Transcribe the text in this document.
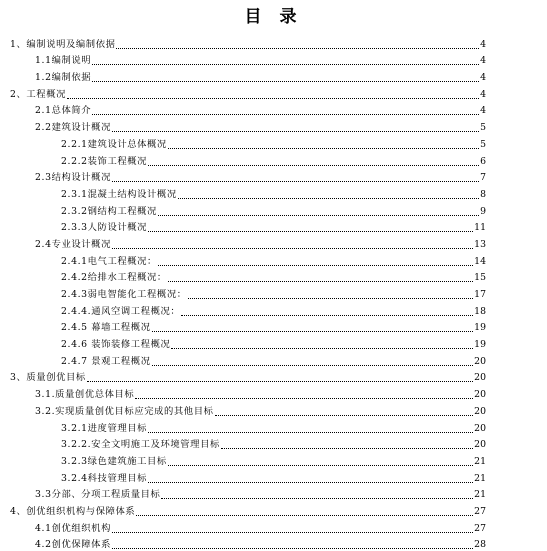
目 录
1、编制说明及编制依据	4
1.1编制说明	4
1.2编制依据	4
2、工程概况	4
2.1总体简介	4
2.2建筑设计概况	5
2.2.1建筑设计总体概况	5
2.2.2装饰工程概况	6
2.3结构设计概况	7
2.3.1混凝土结构设计概况	8
2.3.2钢结构工程概况	9
2.3.3人防设计概况	11
2.4专业设计概况	13
2.4.1电气工程概况：	14
2.4.2给排水工程概况：	15
2.4.3弱电智能化工程概况：	17
2.4.4.通风空调工程概况：	18
2.4.5 幕墙工程概况	19
2.4.6 装饰装修工程概况	19
2.4.7 景观工程概况	20
3、质量创优目标	20
3.1.质量创优总体目标	20
3.2.实现质量创优目标应完成的其他目标	20
3.2.1进度管理目标	20
3.2.2.安全文明施工及环境管理目标	20
3.2.3绿色建筑施工目标	21
3.2.4科技管理目标	21
3.3分部、分项工程质量目标	21
4、创优组织机构与保障体系	27
4.1创优组织机构	27
4.2创优保障体系	28
